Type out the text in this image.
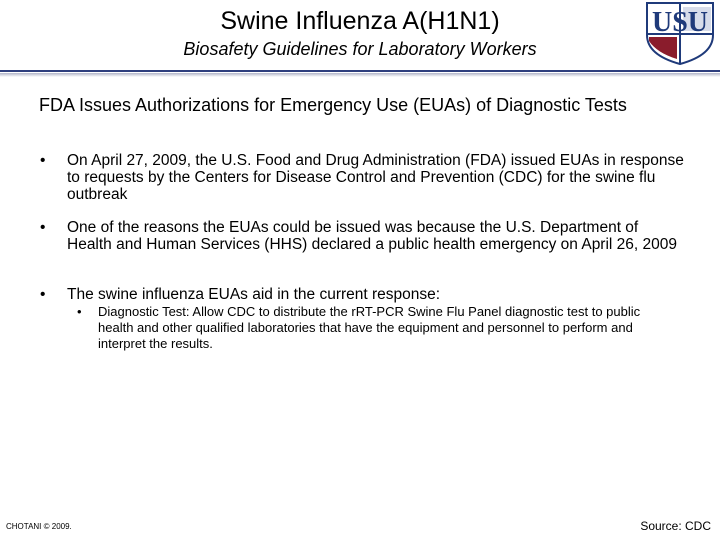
Swine Influenza A(H1N1)
Biosafety Guidelines for Laboratory Workers
USU
FDA Issues Authorizations for Emergency Use (EUAs) of Diagnostic Tests
• On April 27, 2009, the U.S. Food and Drug Administration (FDA) issued EUAs in response to requests by the Centers for Disease Control and Prevention (CDC) for the swine flu outbreak
• One of the reasons the EUAs could be issued was because the U.S. Department of Health and Human Services (HHS) declared a public health emergency on April 26, 2009
• The swine influenza EUAs aid in the current response:
• Diagnostic Test: Allow CDC to distribute the rRT-PCR Swine Flu Panel diagnostic test to public health and other qualified laboratories that have the equipment and personnel to perform and interpret the results.
CHOTANI © 2009.	Source: CDC
